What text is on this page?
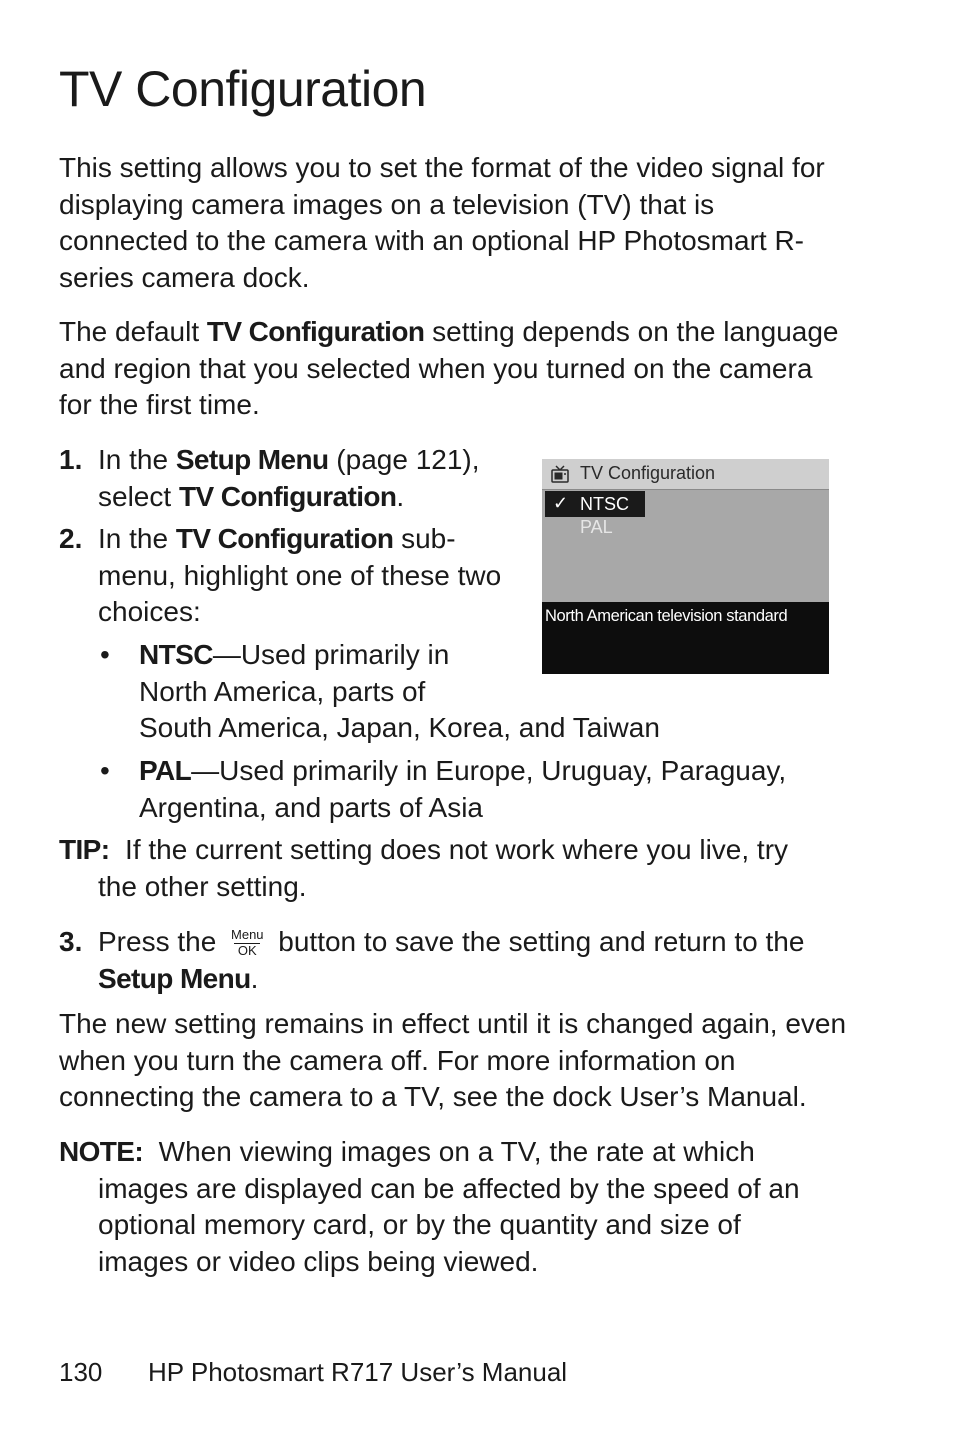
TV Configuration

This setting allows you to set the format of the video signal for displaying camera images on a television (TV) that is connected to the camera with an optional HP Photosmart R-series camera dock.

The default TV Configuration setting depends on the language and region that you selected when you turned on the camera for the first time.

1. In the Setup Menu (page 121),
select TV Configuration.
2. In the TV Configuration sub-
menu, highlight one of these two
choices:
• NTSC—Used primarily in
North America, parts of
South America, Japan, Korea, and Taiwan
• PAL—Used primarily in Europe, Uruguay, Paraguay,
Argentina, and parts of Asia
TIP: If the current setting does not work where you live, try
the other setting.
3. Press the	Menu
OK button to save the setting and return to the
Setup Menu.

The new setting remains in effect until it is changed again, even when you turn the camera off. For more information on connecting the camera to a TV, see the dock User’s Manual.

NOTE: When viewing images on a TV, the rate at which
images are displayed can be affected by the speed of an
optional memory card, or by the quantity and size of
images or video clips being viewed.
TV Configuration
✓ NTSC
PAL
North American television standard

130 HP Photosmart R717 User’s Manual
